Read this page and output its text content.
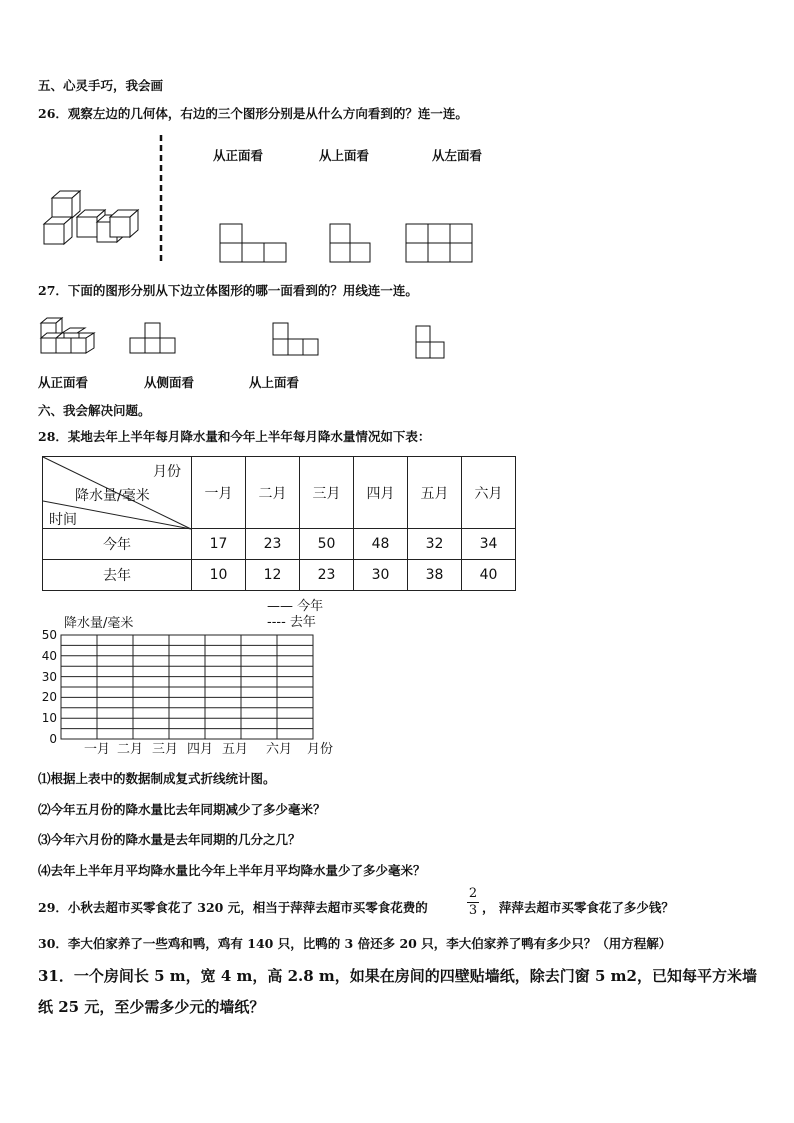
五、心灵手巧，我会画
26．观察左边的几何体，右边的三个图形分别是从什么方向看到的？连一连。
从正面看	从上面看	从左面看
27．下面的图形分别从下边立体图形的哪一面看到的？用线连一连。
从正面看	从侧面看	从上面看
六、我会解决问题。
28．某地去年上半年每月降水量和今年上半年每月降水量情况如下表：
月份
降水量/毫米
时间	一月	二月	三月	四月	五月	六月
今年	17	23	50	48	32	34
去年	10	12	23	30	38	40
—— 今年
---- 去年
降水量/毫米
50
40
30
20
10
0
一月 二月 三月 四月 五月 六月 月份
⑴根据上表中的数据制成复式折线统计图。
⑵今年五月份的降水量比去年同期减少了多少毫米？
⑶今年六月份的降水量是去年同期的几分之几？
⑷去年上半年月平均降水量比今年上半年月平均降水量少了多少毫米？
29．小秋去超市买零食花了 320 元，相当于萍萍去超市买零食花费的
2
3 ， 萍萍去超市买零食花了多少钱？
30．李大伯家养了一些鸡和鸭，鸡有 140 只，比鸭的 3 倍还多 20 只，李大伯家养了鸭有多少只？（用方程解）
31．一个房间长 5 m，宽 4 m，高 2.8 m，如果在房间的四壁贴墙纸，除去门窗 5 m2，已知每平方米墙
纸 25 元，至少需多少元的墙纸？
